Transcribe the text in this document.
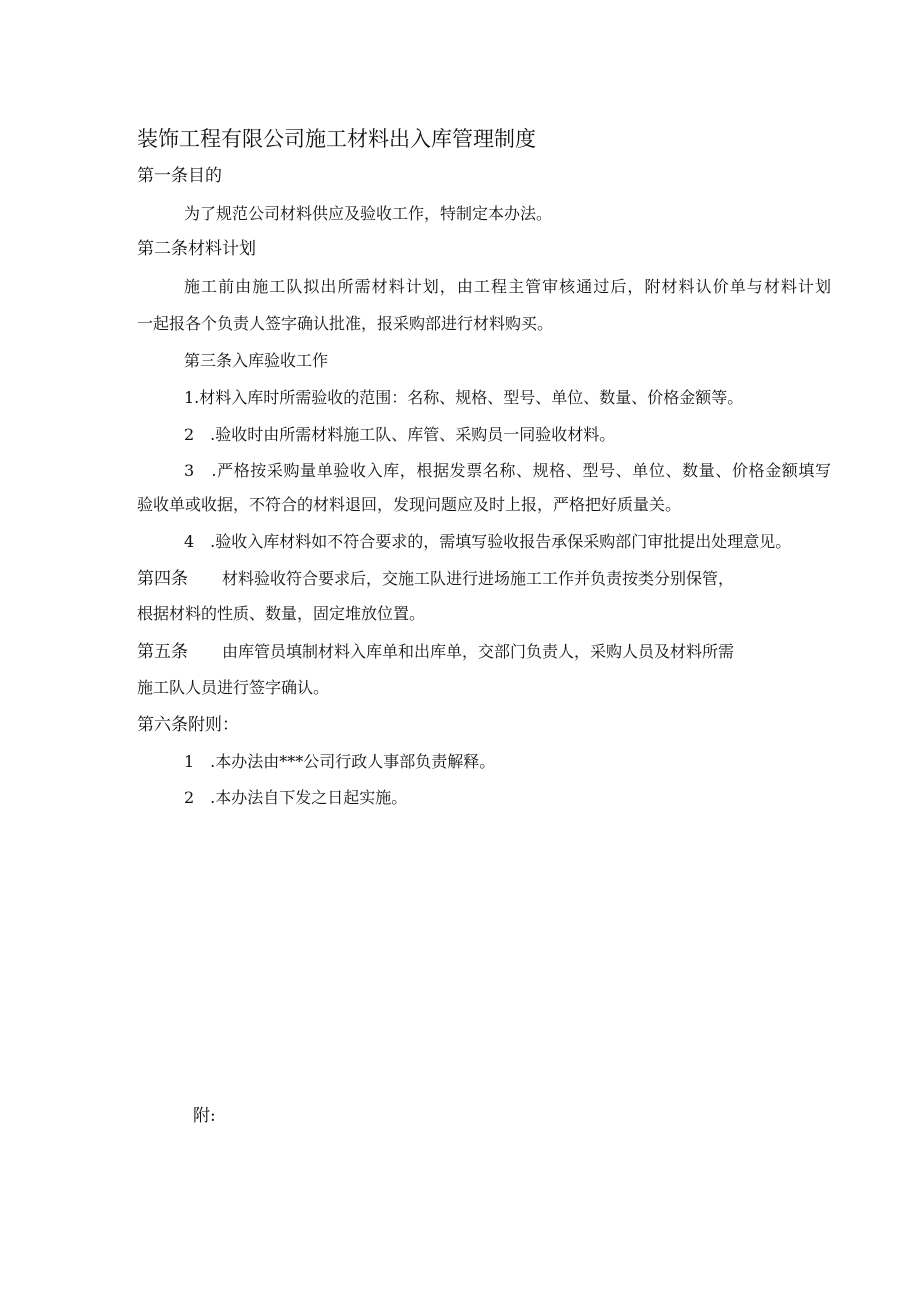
装饰工程有限公司施工材料出入库管理制度
第一条目的
为了规范公司材料供应及验收工作，特制定本办法。
第二条材料计划
施工前由施工队拟出所需材料计划，由工程主管审核通过后，附材料认价单与材料计划
一起报各个负责人签字确认批准，报采购部进行材料购买。
第三条入库验收工作
1.材料入库时所需验收的范围：名称、规格、型号、单位、数量、价格金额等。
2　.验收时由所需材料施工队、库管、采购员一同验收材料。
3　.严格按采购量单验收入库，根据发票名称、规格、型号、单位、数量、价格金额填写
验收单或收据，不符合的材料退回，发现问题应及时上报，严格把好质量关。
4　.验收入库材料如不符合要求的，需填写验收报告承保采购部门审批提出处理意见。
第四条 材料验收符合要求后，交施工队进行进场施工工作并负责按类分别保管，
根据材料的性质、数量，固定堆放位置。
第五条 由库管员填制材料入库单和出库单，交部门负责人，采购人员及材料所需
施工队人员进行签字确认。
第六条附则：
1　.本办法由***公司行政人事部负责解释。
2　.本办法自下发之日起实施。
附:
